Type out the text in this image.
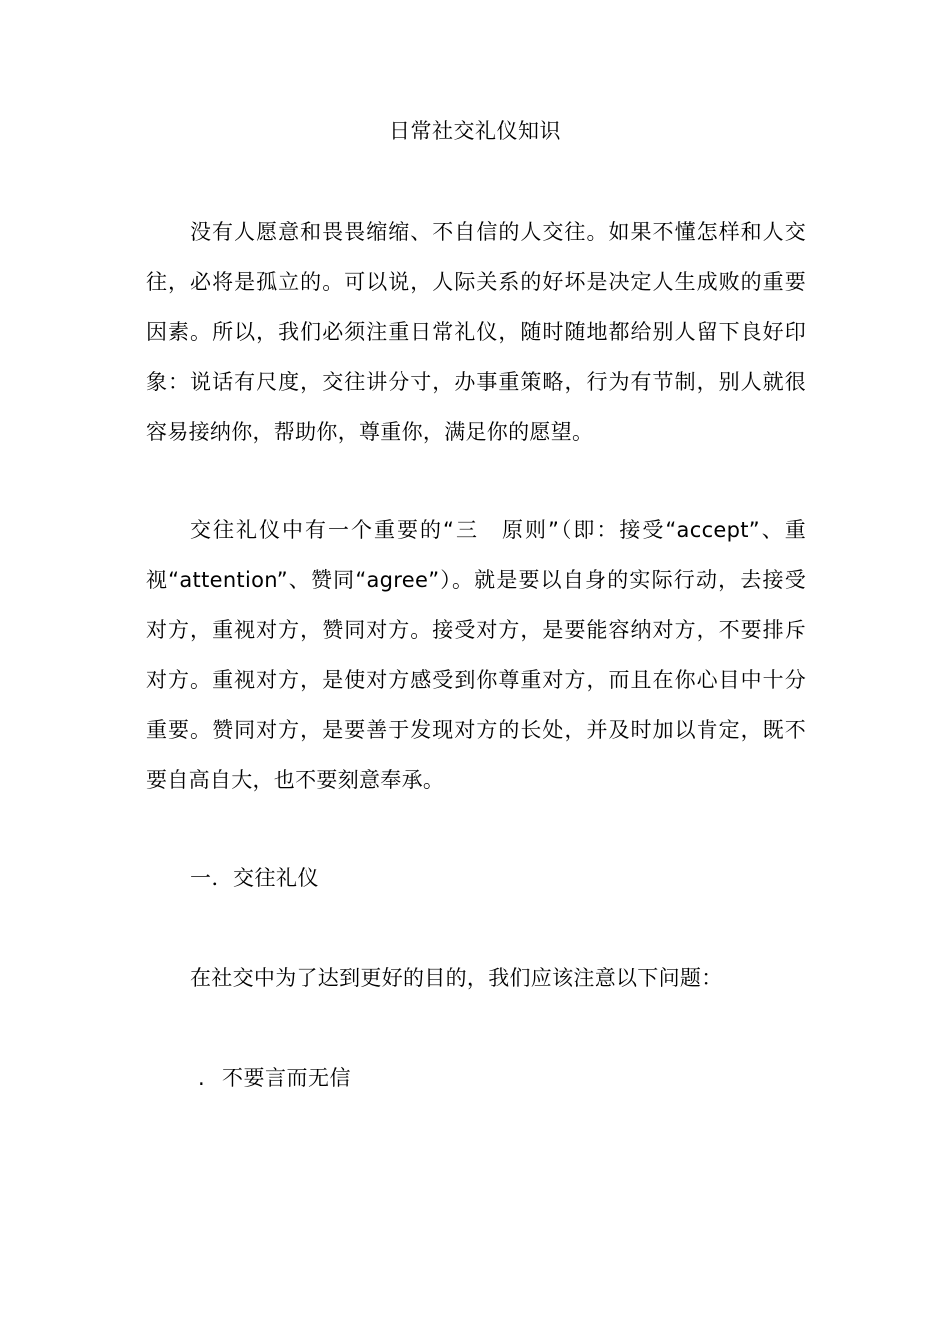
日常社交礼仪知识

没有人愿意和畏畏缩缩、不自信的人交往。如果不懂怎样和人交往，必将是孤立的。可以说，人际关系的好坏是决定人生成败的重要因素。所以，我们必须注重日常礼仪，随时随地都给别人留下良好印象：说话有尺度，交往讲分寸，办事重策略，行为有节制，别人就很容易接纳你，帮助你，尊重你，满足你的愿望。

交往礼仪中有一个重要的“三　原则”（即：接受“accept”、重视“attention”、赞同“agree”）。就是要以自身的实际行动，去接受对方，重视对方，赞同对方。接受对方，是要能容纳对方，不要排斥对方。重视对方，是使对方感受到你尊重对方，而且在你心目中十分重要。赞同对方，是要善于发现对方的长处，并及时加以肯定，既不要自高自大，也不要刻意奉承。

一．交往礼仪
在社交中为了达到更好的目的，我们应该注意以下问题：
. 不要言而无信
